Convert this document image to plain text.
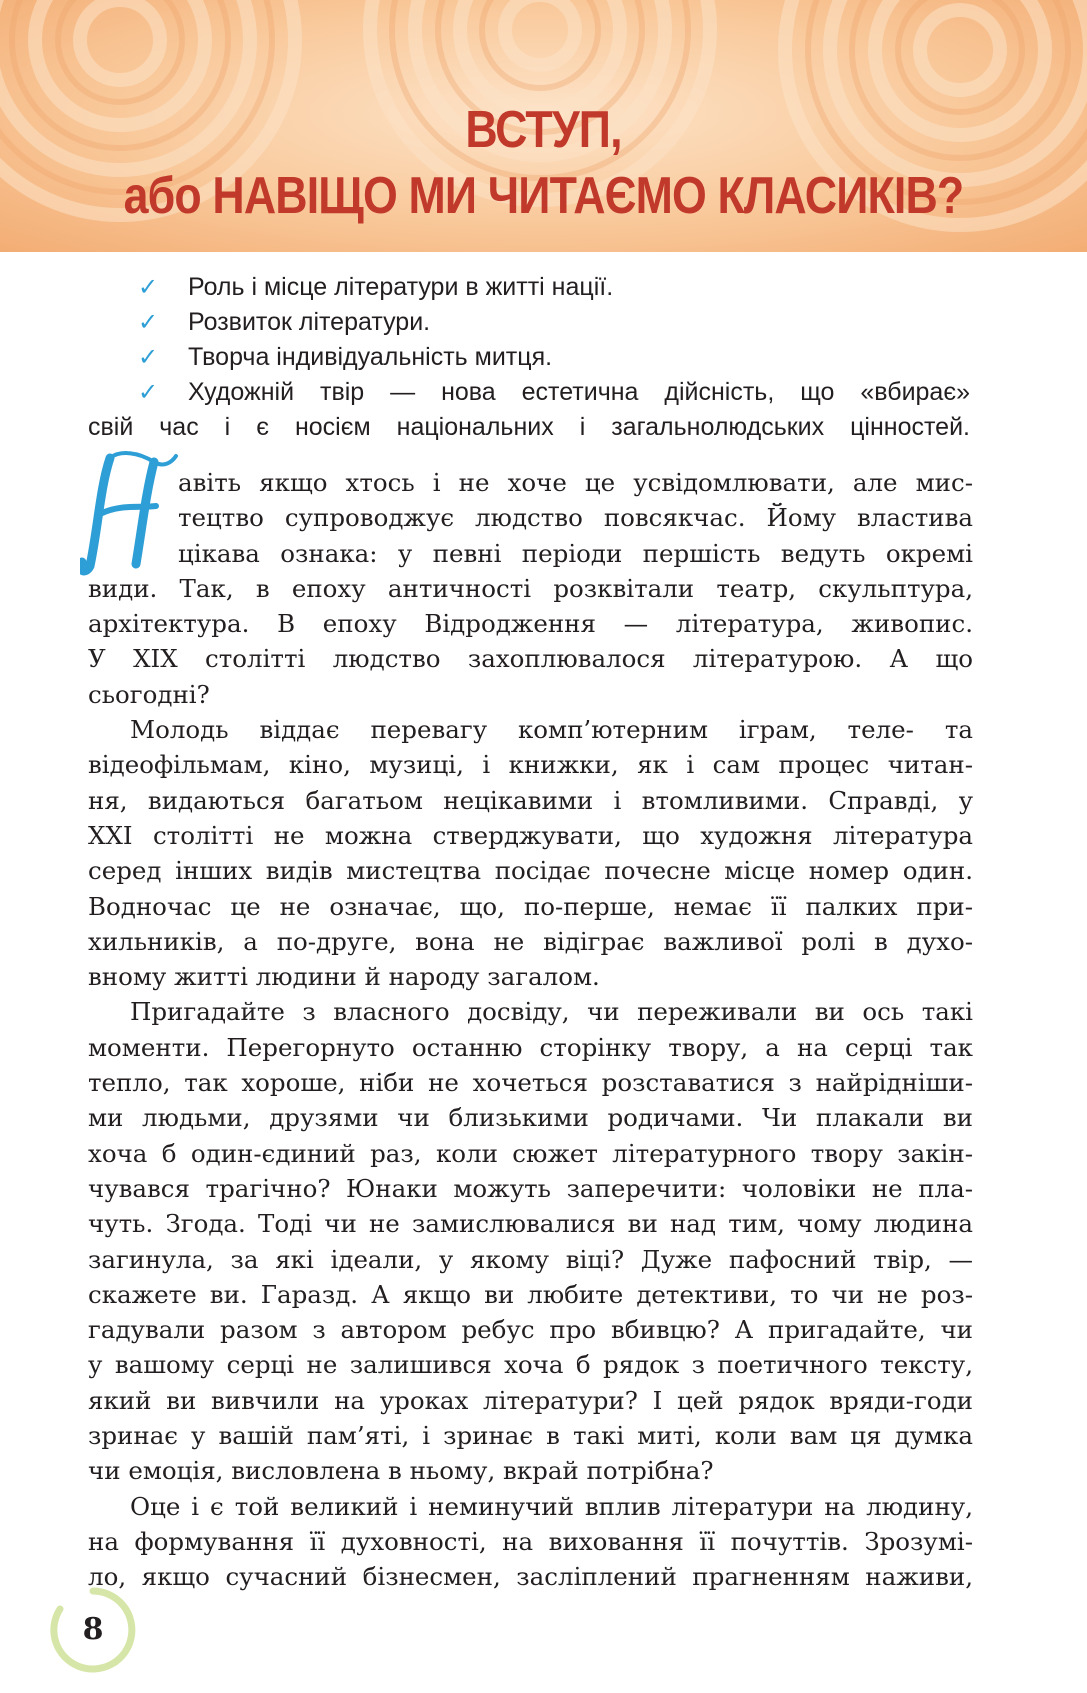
ВСТУП,
або НАВІЩО МИ ЧИТАЄМО КЛАСИКІВ?
✓ Роль і місце літератури в житті нації.
✓ Розвиток літератури.
✓ Творча індивідуальність митця.
✓ Художній твір — нова естетична дійсність, що «вбирає»
свій час і є носієм національних і загальнолюдських цінностей.
авіть якщо хтось і не хоче це усвідомлювати, але мис-
тецтво супроводжує людство повсякчас. Йому властива
цікава ознака: у певні періоди першість ведуть окремі
види. Так, в епоху античності розквітали театр, скульптура,
архітектура. В епоху Відродження — література, живопис.
У XIX столітті людство захоплювалося літературою. А що
сьогодні?
Молодь віддає перевагу комп’ютерним іграм, теле- та
відеофільмам, кіно, музиці, і книжки, як і сам процес читан-
ня, видаються багатьом нецікавими і втомливими. Справді, у
XXI столітті не можна стверджувати, що художня література
серед інших видів мистецтва посідає почесне місце номер один.
Водночас це не означає, що, по-перше, немає її палких при-
хильників, а по-друге, вона не відіграє важливої ролі в духо-
вному житті людини й народу загалом.
Пригадайте з власного досвіду, чи переживали ви ось такі
моменти. Перегорнуто останню сторінку твору, а на серці так
тепло, так хороше, ніби не хочеться розставатися з найрідніши-
ми людьми, друзями чи близькими родичами. Чи плакали ви
хоча б один-єдиний раз, коли сюжет літературного твору закін-
чувався трагічно? Юнаки можуть заперечити: чоловіки не пла-
чуть. Згода. Тоді чи не замислювалися ви над тим, чому людина
загинула, за які ідеали, у якому віці? Дуже пафосний твір, —
скажете ви. Гаразд. А якщо ви любите детективи, то чи не роз-
гадували разом з автором ребус про вбивцю? А пригадайте, чи
у вашому серці не залишився хоча б рядок з поетичного тексту,
який ви вивчили на уроках літератури? І цей рядок вряди-годи
зринає у вашій пам’яті, і зринає в такі миті, коли вам ця думка
чи емоція, висловлена в ньому, вкрай потрібна?
Оце і є той великий і неминучий вплив літератури на людину,
на формування її духовності, на виховання її почуттів. Зрозумі-
ло, якщо сучасний бізнесмен, засліплений прагненням наживи,
8
